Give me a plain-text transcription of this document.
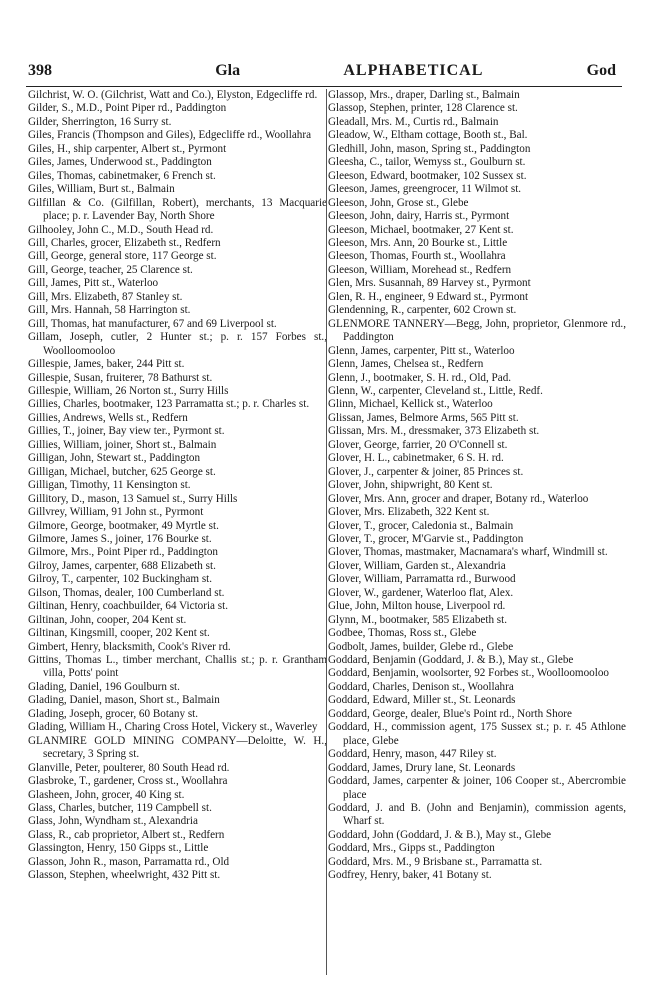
398	Gla	ALPHABETICAL	God
Gilchrist, W. O. (Gilchrist, Watt and Co.), Elyston, Edgecliffe rd.
Gilder, S., M.D., Point Piper rd., Paddington
Gilder, Sherrington, 16 Surry st.
Giles, Francis (Thompson and Giles), Edgecliffe rd., Woollahra
Giles, H., ship carpenter, Albert st., Pyrmont
Giles, James, Underwood st., Paddington
Giles, Thomas, cabinetmaker, 6 French st.
Giles, William, Burt st., Balmain
Gilfillan & Co. (Gilfillan, Robert), merchants, 13 Macquarie place; p. r. Lavender Bay, North Shore
Gilhooley, John C., M.D., South Head rd.
Gill, Charles, grocer, Elizabeth st., Redfern
Gill, George, general store, 117 George st.
Gill, George, teacher, 25 Clarence st.
Gill, James, Pitt st., Waterloo
Gill, Mrs. Elizabeth, 87 Stanley st.
Gill, Mrs. Hannah, 58 Harrington st.
Gill, Thomas, hat manufacturer, 67 and 69 Liverpool st.
Gillam, Joseph, cutler, 2 Hunter st.; p. r. 157 Forbes st., Woolloomooloo
Gillespie, James, baker, 244 Pitt st.
Gillespie, Susan, fruiterer, 78 Bathurst st.
Gillespie, William, 26 Norton st., Surry Hills
Gillies, Charles, bootmaker, 123 Parramatta st.; p. r. Charles st.
Gillies, Andrews, Wells st., Redfern
Gillies, T., joiner, Bay view ter., Pyrmont st.
Gillies, William, joiner, Short st., Balmain
Gilligan, John, Stewart st., Paddington
Gilligan, Michael, butcher, 625 George st.
Gilligan, Timothy, 11 Kensington st.
Gillitory, D., mason, 13 Samuel st., Surry Hills
Gillvrey, William, 91 John st., Pyrmont
Gilmore, George, bootmaker, 49 Myrtle st.
Gilmore, James S., joiner, 176 Bourke st.
Gilmore, Mrs., Point Piper rd., Paddington
Gilroy, James, carpenter, 688 Elizabeth st.
Gilroy, T., carpenter, 102 Buckingham st.
Gilson, Thomas, dealer, 100 Cumberland st.
Giltinan, Henry, coachbuilder, 64 Victoria st.
Giltinan, John, cooper, 204 Kent st.
Giltinan, Kingsmill, cooper, 202 Kent st.
Gimbert, Henry, blacksmith, Cook's River rd.
Gittins, Thomas L., timber merchant, Challis st.; p. r. Grantham villa, Potts' point
Glading, Daniel, 196 Goulburn st.
Glading, Daniel, mason, Short st., Balmain
Glading, Joseph, grocer, 60 Botany st.
Glading, William H., Charing Cross Hotel, Vickery st., Waverley
GLANMIRE GOLD MINING COMPANY—Deloitte, W. H., secretary, 3 Spring st.
Glanville, Peter, poulterer, 80 South Head rd.
Glasbroke, T., gardener, Cross st., Woollahra
Glasheen, John, grocer, 40 King st.
Glass, Charles, butcher, 119 Campbell st.
Glass, John, Wyndham st., Alexandria
Glass, R., cab proprietor, Albert st., Redfern
Glassington, Henry, 150 Gipps st., Little
Glasson, John R., mason, Parramatta rd., Old
Glasson, Stephen, wheelwright, 432 Pitt st.
Glassop, Mrs., draper, Darling st., Balmain
Glassop, Stephen, printer, 128 Clarence st.
Gleadall, Mrs. M., Curtis rd., Balmain
Gleadow, W., Eltham cottage, Booth st., Bal.
Gledhill, John, mason, Spring st., Paddington
Gleesha, C., tailor, Wemyss st., Goulburn st.
Gleeson, Edward, bootmaker, 102 Sussex st.
Gleeson, James, greengrocer, 11 Wilmot st.
Gleeson, John, Grose st., Glebe
Gleeson, John, dairy, Harris st., Pyrmont
Gleeson, Michael, bootmaker, 27 Kent st.
Gleeson, Mrs. Ann, 20 Bourke st., Little
Gleeson, Thomas, Fourth st., Woollahra
Gleeson, William, Morehead st., Redfern
Glen, Mrs. Susannah, 89 Harvey st., Pyrmont
Glen, R. H., engineer, 9 Edward st., Pyrmont
Glendenning, R., carpenter, 602 Crown st.
GLENMORE TANNERY—Begg, John, proprietor, Glenmore rd., Paddington
Glenn, James, carpenter, Pitt st., Waterloo
Glenn, James, Chelsea st., Redfern
Glenn, J., bootmaker, S. H. rd., Old, Pad.
Glenn, W., carpenter, Cleveland st., Little, Redf.
Glinn, Michael, Kellick st., Waterloo
Glissan, James, Belmore Arms, 565 Pitt st.
Glissan, Mrs. M., dressmaker, 373 Elizabeth st.
Glover, George, farrier, 20 O'Connell st.
Glover, H. L., cabinetmaker, 6 S. H. rd.
Glover, J., carpenter & joiner, 85 Princes st.
Glover, John, shipwright, 80 Kent st.
Glover, Mrs. Ann, grocer and draper, Botany rd., Waterloo
Glover, Mrs. Elizabeth, 322 Kent st.
Glover, T., grocer, Caledonia st., Balmain
Glover, T., grocer, M'Garvie st., Paddington
Glover, Thomas, mastmaker, Macnamara's wharf, Windmill st.
Glover, William, Garden st., Alexandria
Glover, William, Parramatta rd., Burwood
Glover, W., gardener, Waterloo flat, Alex.
Glue, John, Milton house, Liverpool rd.
Glynn, M., bootmaker, 585 Elizabeth st.
Godbee, Thomas, Ross st., Glebe
Godbolt, James, builder, Glebe rd., Glebe
Goddard, Benjamin (Goddard, J. & B.), May st., Glebe
Goddard, Benjamin, woolsorter, 92 Forbes st., Woolloomooloo
Goddard, Charles, Denison st., Woollahra
Goddard, Edward, Miller st., St. Leonards
Goddard, George, dealer, Blue's Point rd., North Shore
Goddard, H., commission agent, 175 Sussex st.; p. r. 45 Athlone place, Glebe
Goddard, Henry, mason, 447 Riley st.
Goddard, James, Drury lane, St. Leonards
Goddard, James, carpenter & joiner, 106 Cooper st., Abercrombie place
Goddard, J. and B. (John and Benjamin), commission agents, Wharf st.
Goddard, John (Goddard, J. & B.), May st., Glebe
Goddard, Mrs., Gipps st., Paddington
Goddard, Mrs. M., 9 Brisbane st., Parramatta st.
Godfrey, Henry, baker, 41 Botany st.
